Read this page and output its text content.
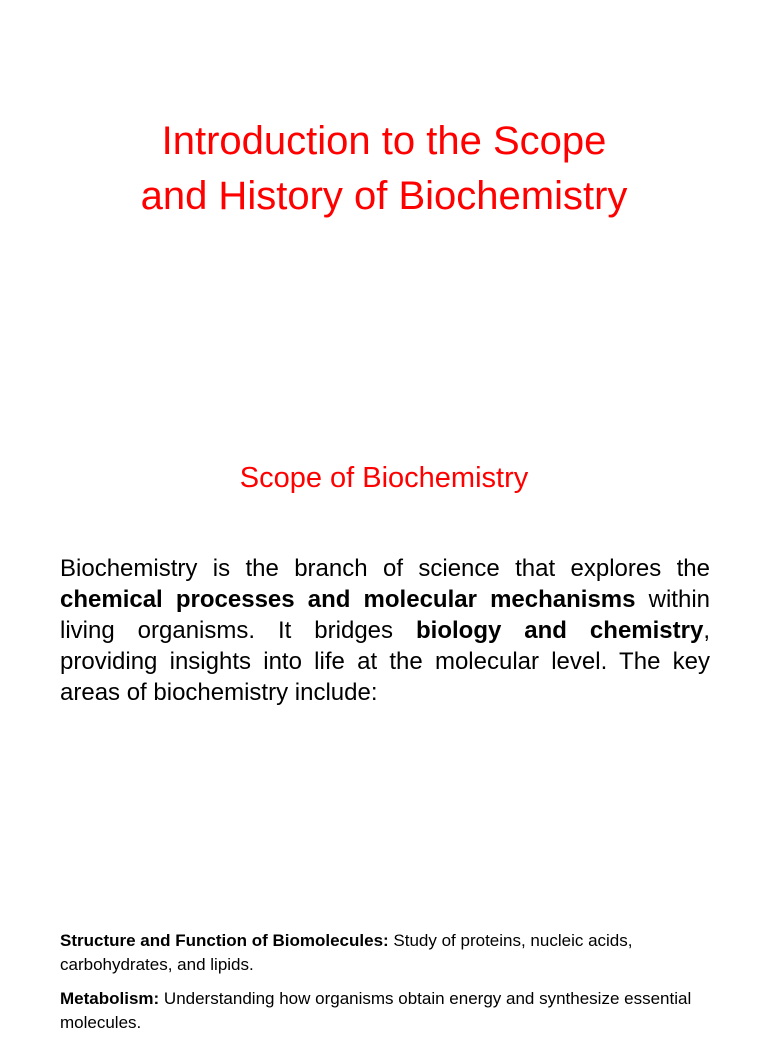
Introduction to the Scope
and History of Biochemistry
Scope of Biochemistry

Biochemistry is the branch of science that explores the chemical processes and molecular mechanisms within living organisms. It bridges biology and chemistry, providing insights into life at the molecular level. The key areas of biochemistry include:

Structure and Function of Biomolecules: Study of proteins, nucleic acids, carbohydrates, and lipids.

Metabolism: Understanding how organisms obtain energy and synthesize essential molecules.
